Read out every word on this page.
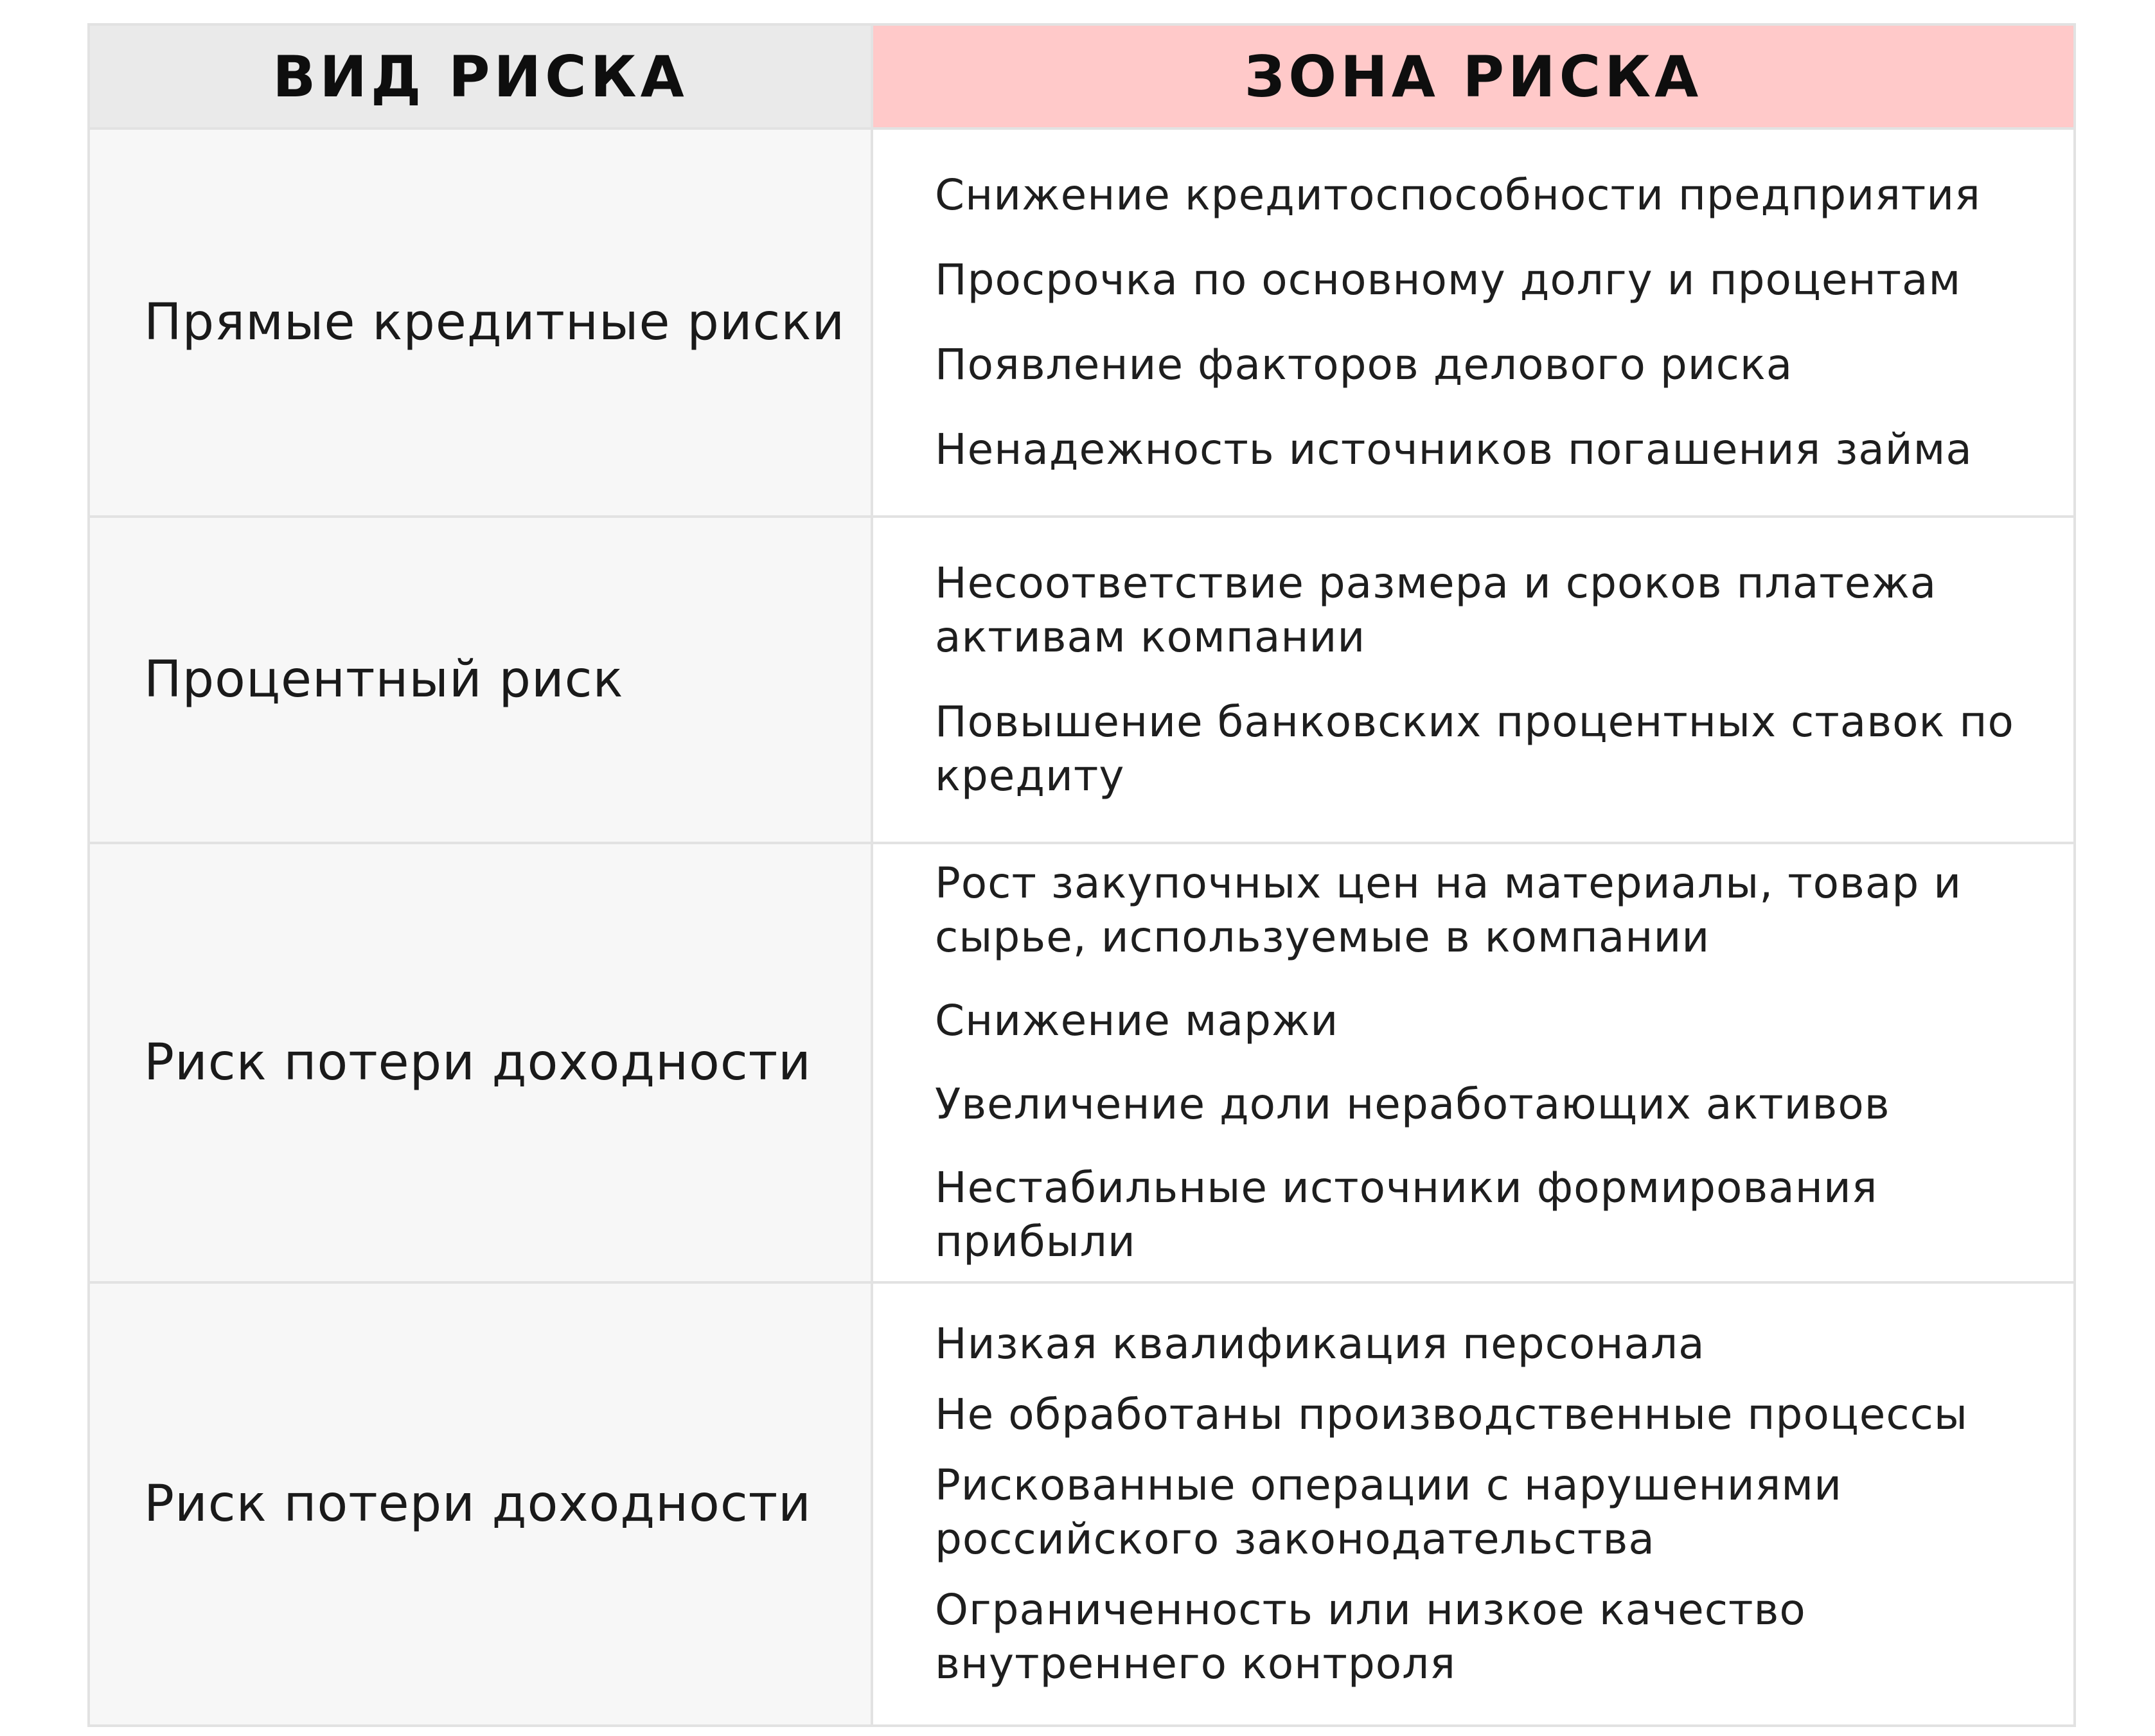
ВИД РИСКА	ЗОНА РИСКА
Прямые кредитные риски	Снижение кредитоспособности предприятия
Просрочка по основному долгу и процентам
Появление факторов делового риска
Ненадежность источников погашения займа

Процентный риск	Несоответствие размера и сроков платежа активам компании
Повышение банковских процентных ставок по кредиту

Риск потери доходности	Рост закупочных цен на материалы, товар и сырье, используемые в компании
Снижение маржи
Увеличение доли неработающих активов
Нестабильные источники формирования прибыли

Риск потери доходности	Низкая квалификация персонала
Не обработаны производственные процессы
Рискованные операции с нарушениями российского законодательства
Ограниченность или низкое качество внутреннего контроля
